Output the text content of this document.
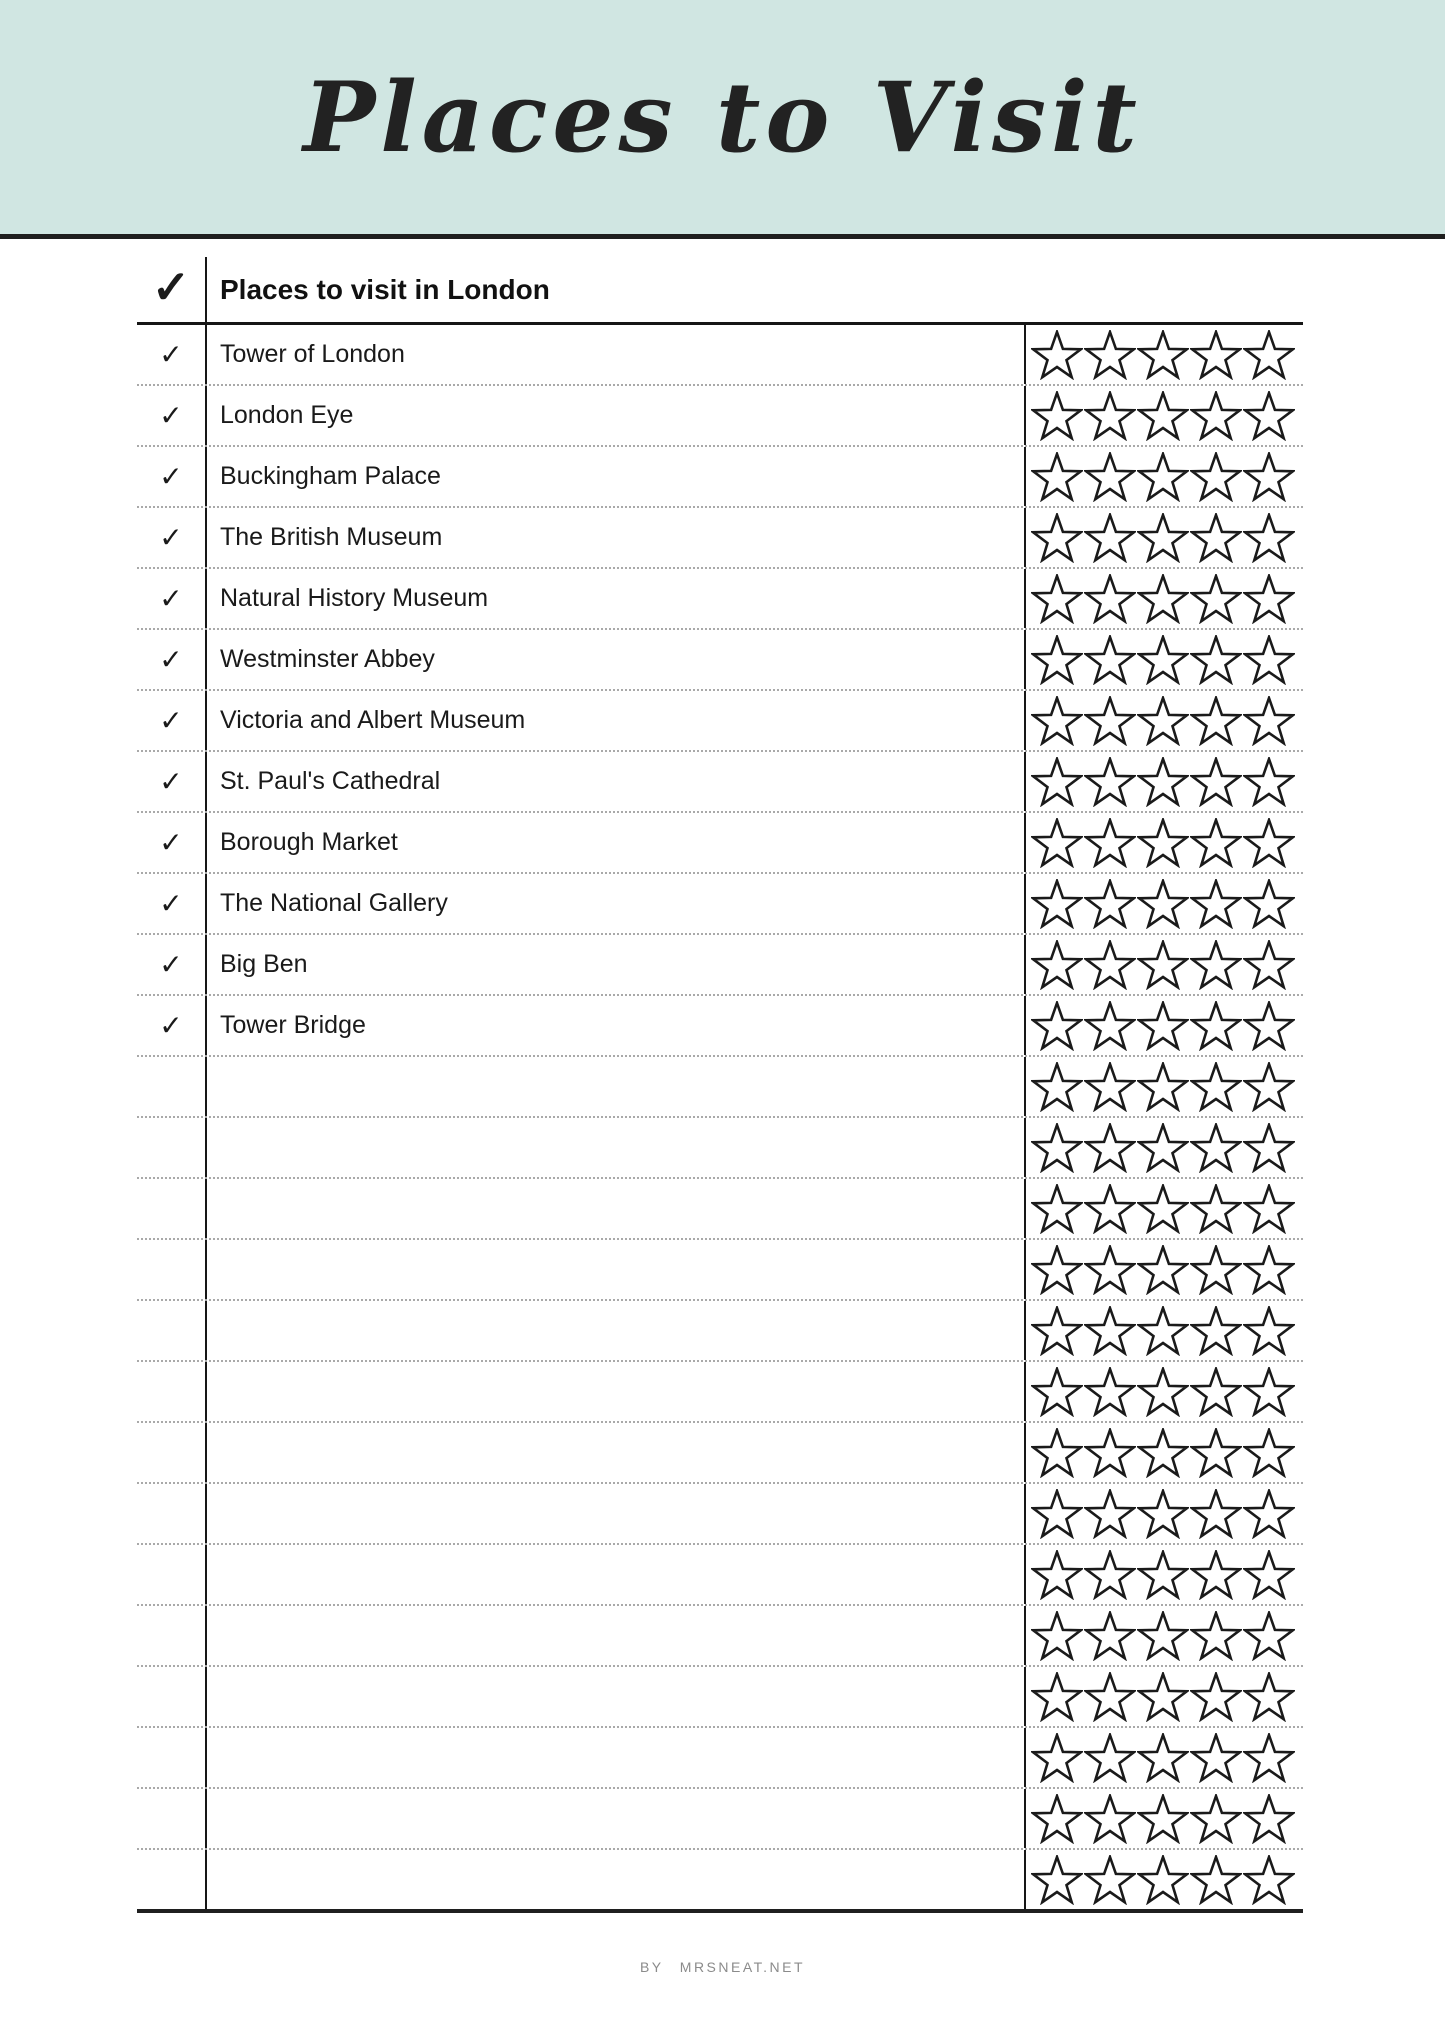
Places to Visit
✓	Places to visit in London
✓ Tower of London
✓ London Eye
✓ Buckingham Palace
✓ The British Museum
✓ Natural History Museum
✓ Westminster Abbey
✓ Victoria and Albert Museum
✓ St. Paul's Cathedral
✓ Borough Market
✓ The National Gallery
✓ Big Ben
✓ Tower Bridge
BY MRSNEAT.NET
